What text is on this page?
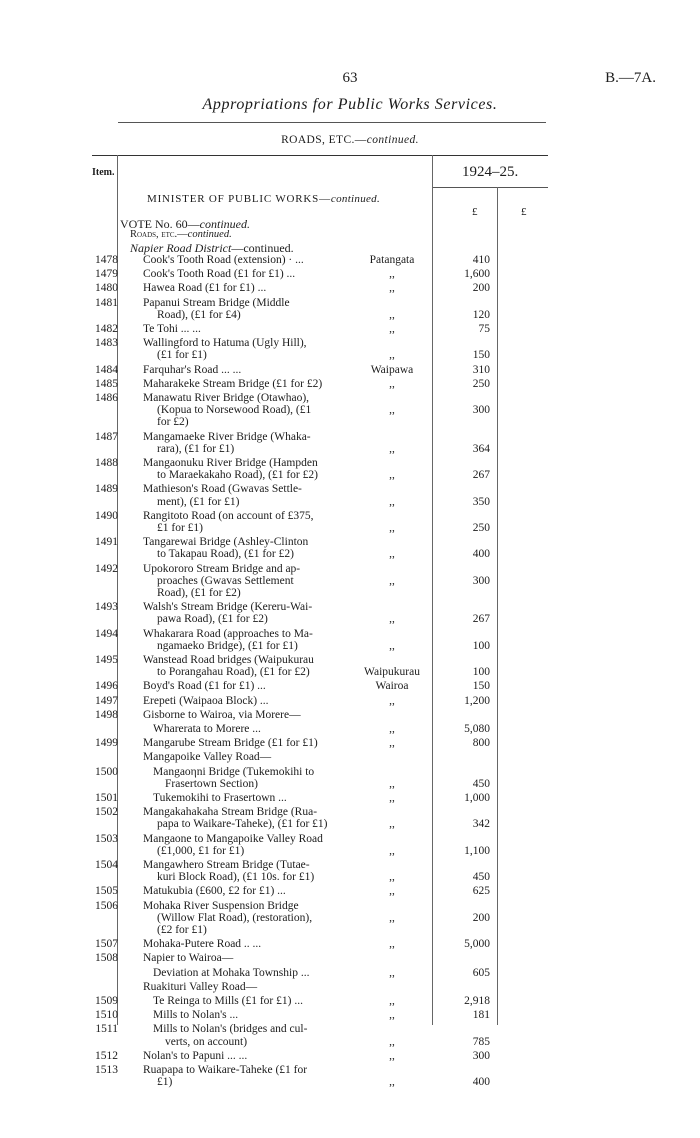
63	B.—7A.
Appropriations for Public Works Services.
ROADS, ETC.—continued.
Item.	1924–25.
£	£
MINISTER OF PUBLIC WORKS—continued.
VOTE No. 60—continued.
Roads, etc.—continued.
Napier Road District—continued.
1478 Cook's Tooth Road (extension) · ...	Patangata	410
1479 Cook's Tooth Road (£1 for £1) ...	,,	1,600
1480 Hawea Road (£1 for £1) ...	,,	200
1481 Papanui Stream Bridge (Middle
Road), (£1 for £4)	,,	120
1482 Te Tohi ... ...	,,	75
1483 Wallingford to Hatuma (Ugly Hill),
(£1 for £1)	,,	150
1484 Farquhar's Road ... ...	Waipawa	310
1485 Maharakeke Stream Bridge (£1 for £2)	,,	250
1486 Manawatu River Bridge (Otawhao),
(Kopua to Norsewood Road), (£1
for £2)
,,	300
1487 Mangamaeke River Bridge (Whaka-
rara), (£1 for £1)	,,	364
1488 Mangaonuku River Bridge (Hampden
to Maraekakaho Road), (£1 for £2)	,,	267
1489 Mathieson's Road (Gwavas Settle-
ment), (£1 for £1)	,,	350
1490 Rangitoto Road (on account of £375,
£1 for £1)	,,	250
1491 Tangarewai Bridge (Ashley-Clinton
to Takapau Road), (£1 for £2)	,,	400
1492 Upokororo Stream Bridge and ap-
proaches (Gwavas Settlement
Road), (£1 for £2)
,,	300
1493 Walsh's Stream Bridge (Kereru-Wai-
pawa Road), (£1 for £2)	,,	267
1494 Whakarara Road (approaches to Ma-
ngamaeko Bridge), (£1 for £1)	,,	100
1495 Wanstead Road bridges (Waipukurau
to Porangahau Road), (£1 for £2)	Waipukurau	100
1496 Boyd's Road (£1 for £1) ...	Wairoa	150
1497 Erepeti (Waipaoa Block) ...	,,	1,200
1498 Gisborne to Wairoa, via Morere—
Wharerata to Morere ...	,,	5,080
1499 Mangarube Stream Bridge (£1 for £1)	,,	800
Mangapoike Valley Road—
1500	Mangaoηni Bridge (Tukemokihi to
Frasertown Section)	,,	450
1501	Tukemokihi to Frasertown ...	,,	1,000
1502 Mangakahakaha Stream Bridge (Rua-
papa to Waikare-Taheke), (£1 for £1)	,,	342
1503 Mangaone to Mangapoike Valley Road
(£1,000, £1 for £1)	,,	1,100
1504 Mangawhero Stream Bridge (Tutae-
kuri Block Road), (£1 10s. for £1)	,,	450
1505 Matukubia (£600, £2 for £1) ...	,,	625
1506 Mohaka River Suspension Bridge
(Willow Flat Road), (restoration),
(£2 for £1)
,,	200
1507 Mohaka-Putere Road .. ...	,,	5,000
1508 Napier to Wairoa—
Deviation at Mohaka Township ...	,,	605
Ruakituri Valley Road—
1509	Te Reinga to Mills (£1 for £1) ...	,,	2,918
1510	Mills to Nolan's ...	,,	181
1511	Mills to Nolan's (bridges and cul-
verts, on account)	,,	785
1512 Nolan's to Papuni ... ...	,,	300
1513 Ruapapa to Waikare-Taheke (£1 for
£1)	,,	400
